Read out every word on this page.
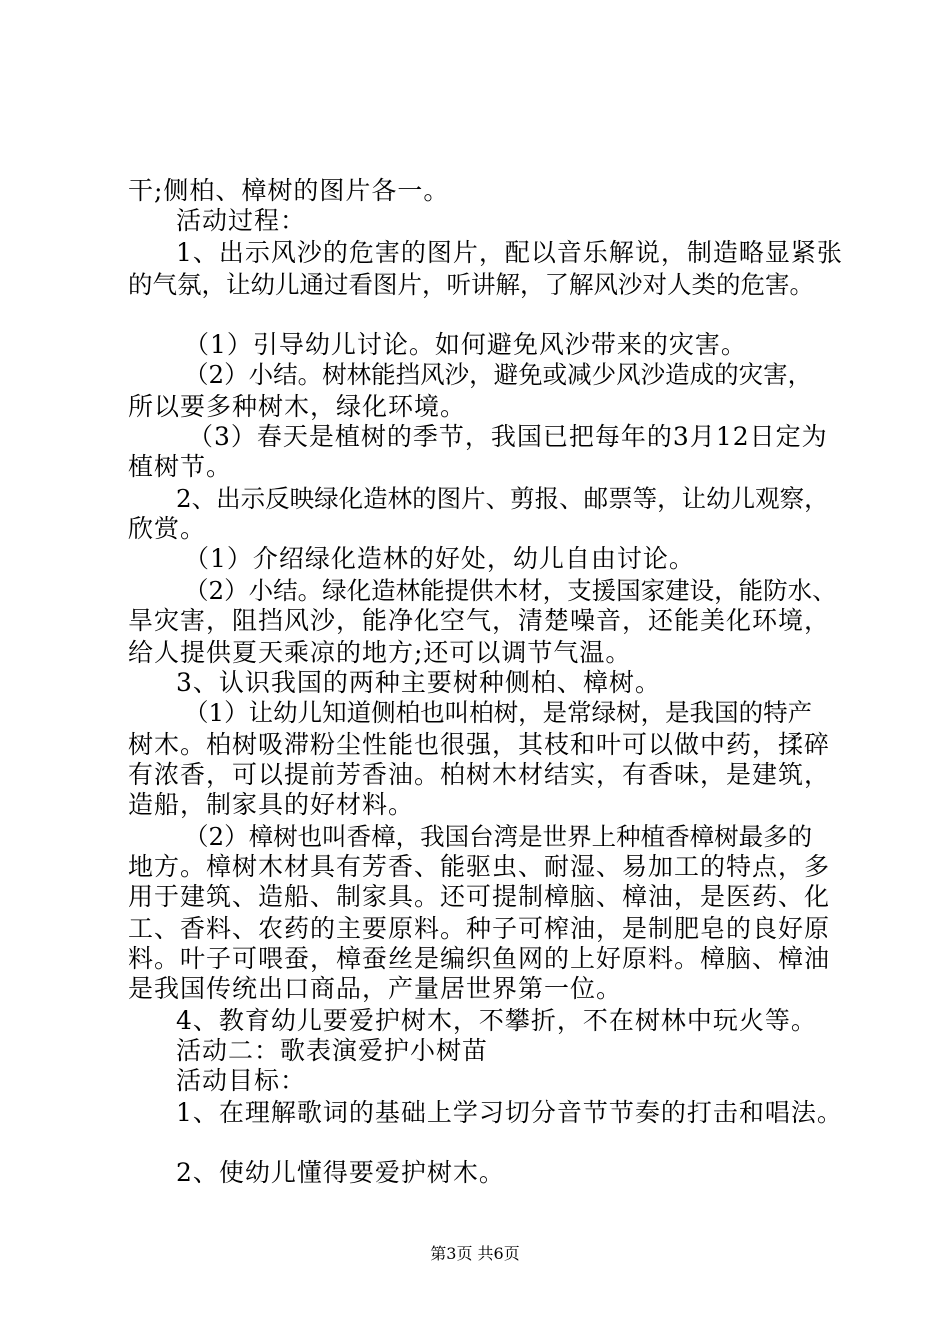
干;侧柏、樟树的图片各一。
活动过程：
1、出示风沙的危害的图片，配以音乐解说，制造略显紧张
的气氛，让幼儿通过看图片，听讲解，了解风沙对人类的危害。
（1）引导幼儿讨论。如何避免风沙带来的灾害。
（2）小结。树林能挡风沙，避免或减少风沙造成的灾害，
所以要多种树木，绿化环境。
（3）春天是植树的季节，我国已把每年的3月12日定为
植树节。
2、出示反映绿化造林的图片、剪报、邮票等，让幼儿观察，
欣赏。
（1）介绍绿化造林的好处，幼儿自由讨论。
（2）小结。绿化造林能提供木材，支援国家建设，能防水、
旱灾害，阻挡风沙，能净化空气，清楚噪音，还能美化环境，
给人提供夏天乘凉的地方;还可以调节气温。
3、认识我国的两种主要树种侧柏、樟树。
（1）让幼儿知道侧柏也叫柏树，是常绿树，是我国的特产
树木。柏树吸滞粉尘性能也很强，其枝和叶可以做中药，揉碎
有浓香，可以提前芳香油。柏树木材结实，有香味，是建筑，
造船，制家具的好材料。
（2）樟树也叫香樟，我国台湾是世界上种植香樟树最多的
地方。樟树木材具有芳香、能驱虫、耐湿、易加工的特点，多
用于建筑、造船、制家具。还可提制樟脑、樟油，是医药、化
工、香料、农药的主要原料。种子可榨油，是制肥皂的良好原
料。叶子可喂蚕，樟蚕丝是编织鱼网的上好原料。樟脑、樟油
是我国传统出口商品，产量居世界第一位。
4、教育幼儿要爱护树木，不攀折，不在树林中玩火等。
活动二：歌表演爱护小树苗
活动目标：
1、在理解歌词的基础上学习切分音节节奏的打击和唱法。
2、使幼儿懂得要爱护树木。
第3页 共6页
